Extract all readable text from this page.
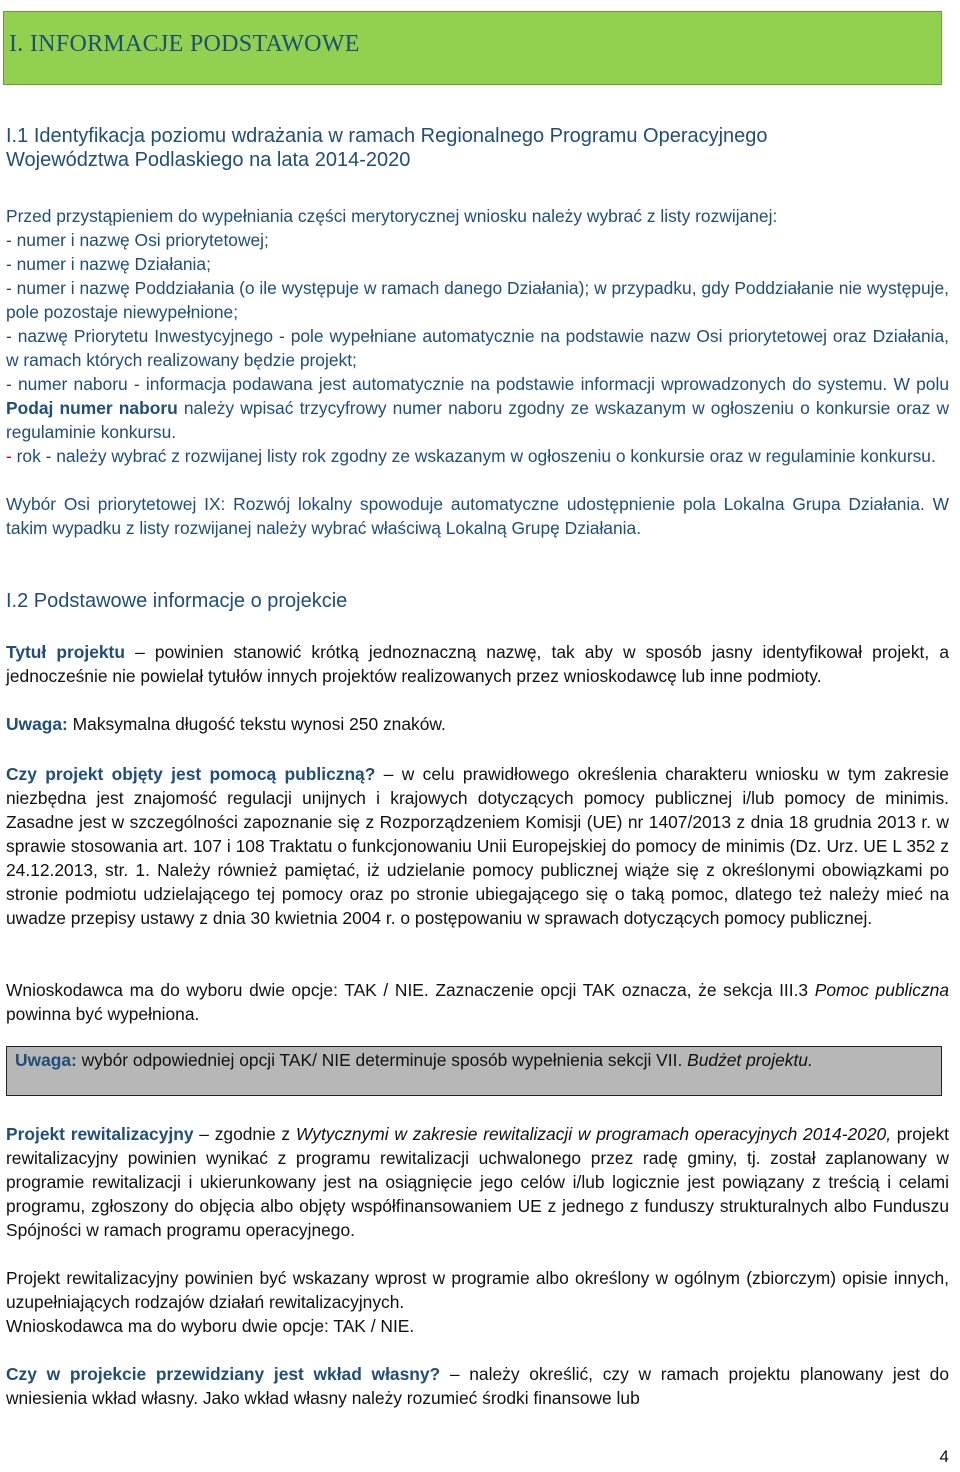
I. INFORMACJE PODSTAWOWE
I.1 Identyfikacja poziomu wdrażania w ramach Regionalnego Programu Operacyjnego
Województwa Podlaskiego na lata 2014-2020
Przed przystąpieniem do wypełniania części merytorycznej wniosku należy wybrać z listy rozwijanej:
- numer i nazwę Osi priorytetowej;
- numer i nazwę Działania;
- numer i nazwę Poddziałania (o ile występuje w ramach danego Działania); w przypadku, gdy Poddziałanie nie występuje, pole pozostaje niewypełnione;
- nazwę Priorytetu Inwestycyjnego - pole wypełniane automatycznie na podstawie nazw Osi priorytetowej oraz Działania, w ramach których realizowany będzie projekt;
- numer naboru - informacja podawana jest automatycznie na podstawie informacji wprowadzonych do systemu. W polu Podaj numer naboru należy wpisać trzycyfrowy numer naboru zgodny ze wskazanym w ogłoszeniu o konkursie oraz w regulaminie konkursu.
- rok - należy wybrać z rozwijanej listy rok zgodny ze wskazanym w ogłoszeniu o konkursie oraz w regulaminie konkursu.
Wybór Osi priorytetowej IX: Rozwój lokalny spowoduje automatyczne udostępnienie pola Lokalna Grupa Działania. W takim wypadku z listy rozwijanej należy wybrać właściwą Lokalną Grupę Działania.
I.2 Podstawowe informacje o projekcie
Tytuł projektu – powinien stanowić krótką jednoznaczną nazwę, tak aby w sposób jasny identyfikował projekt, a jednocześnie nie powielał tytułów innych projektów realizowanych przez wnioskodawcę lub inne podmioty.
Uwaga: Maksymalna długość tekstu wynosi 250 znaków.
Czy projekt objęty jest pomocą publiczną? – w celu prawidłowego określenia charakteru wniosku w tym zakresie niezbędna jest znajomość regulacji unijnych i krajowych dotyczących pomocy publicznej i/lub pomocy de minimis. Zasadne jest w szczególności zapoznanie się z Rozporządzeniem Komisji (UE) nr 1407/2013 z dnia 18 grudnia 2013 r. w sprawie stosowania art. 107 i 108 Traktatu o funkcjonowaniu Unii Europejskiej do pomocy de minimis (Dz. Urz. UE L 352 z 24.12.2013, str. 1. Należy również pamiętać, iż udzielanie pomocy publicznej wiąże się z określonymi obowiązkami po stronie podmiotu udzielającego tej pomocy oraz po stronie ubiegającego się o taką pomoc, dlatego też należy mieć na uwadze przepisy ustawy z dnia 30 kwietnia 2004 r. o postępowaniu w sprawach dotyczących pomocy publicznej.
Wnioskodawca ma do wyboru dwie opcje: TAK / NIE. Zaznaczenie opcji TAK oznacza, że sekcja III.3 Pomoc publiczna powinna być wypełniona.
Uwaga: wybór odpowiedniej opcji TAK/ NIE determinuje sposób wypełnienia sekcji VII. Budżet projektu.
Projekt rewitalizacyjny – zgodnie z Wytycznymi w zakresie rewitalizacji w programach operacyjnych 2014-2020, projekt rewitalizacyjny powinien wynikać z programu rewitalizacji uchwalonego przez radę gminy, tj. został zaplanowany w programie rewitalizacji i ukierunkowany jest na osiągnięcie jego celów i/lub logicznie jest powiązany z treścią i celami programu, zgłoszony do objęcia albo objęty współfinansowaniem UE z jednego z funduszy strukturalnych albo Funduszu Spójności w ramach programu operacyjnego.
Projekt rewitalizacyjny powinien być wskazany wprost w programie albo określony w ogólnym (zbiorczym) opisie innych, uzupełniających rodzajów działań rewitalizacyjnych.
Wnioskodawca ma do wyboru dwie opcje: TAK / NIE.
Czy w projekcie przewidziany jest wkład własny? – należy określić, czy w ramach projektu planowany jest do wniesienia wkład własny. Jako wkład własny należy rozumieć środki finansowe lub
4
